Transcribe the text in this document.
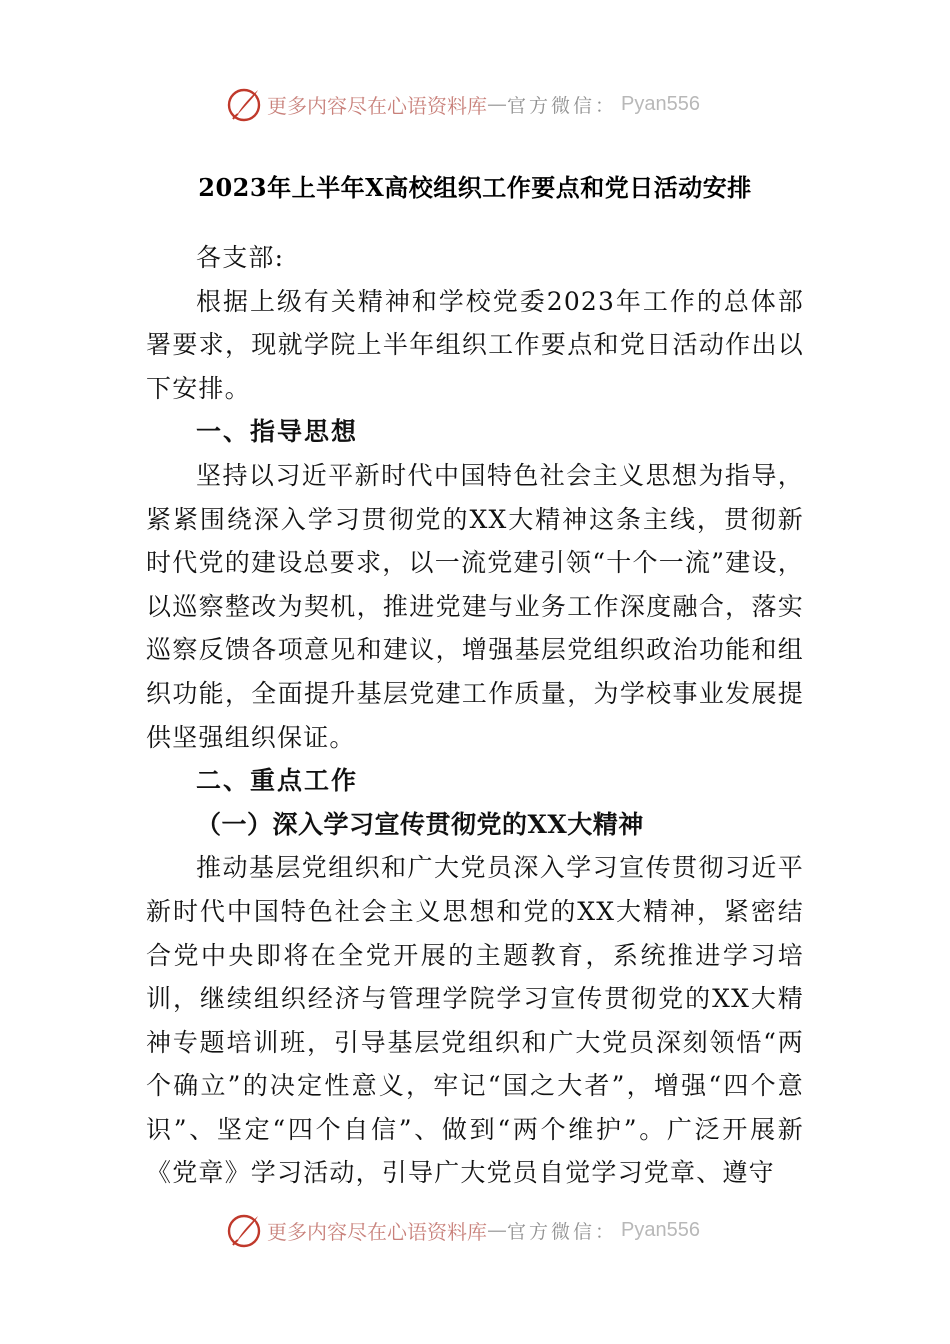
更多内容尽在心语资料库 — 官方微信： Pyan556
2023年上半年X高校组织工作要点和党日活动安排

各支部:

根据上级有关精神和学校党委2023年工作的总体部署要求，现就学院上半年组织工作要点和党日活动作出以下安排。

一、指导思想

坚持以习近平新时代中国特色社会主义思想为指导，紧紧围绕深入学习贯彻党的XX大精神这条主线，贯彻新时代党的建设总要求，以一流党建引领“十个一流”建设，以巡察整改为契机，推进党建与业务工作深度融合，落实巡察反馈各项意见和建议，增强基层党组织政治功能和组织功能，全面提升基层党建工作质量，为学校事业发展提供坚强组织保证。

二、重点工作

（一）深入学习宣传贯彻党的XX大精神

推动基层党组织和广大党员深入学习宣传贯彻习近平新时代中国特色社会主义思想和党的XX大精神，紧密结合党中央即将在全党开展的主题教育，系统推进学习培训，继续组织经济与管理学院学习宣传贯彻党的XX大精神专题培训班，引导基层党组织和广大党员深刻领悟“两个确立”的决定性意义，牢记“国之大者”，增强“四个意识”、坚定“四个自信”、做到“两个维护”。广泛开展新《党章》学习活动，引导广大党员自觉学习党章、遵守

更多内容尽在心语资料库 — 官方微信： Pyan556
